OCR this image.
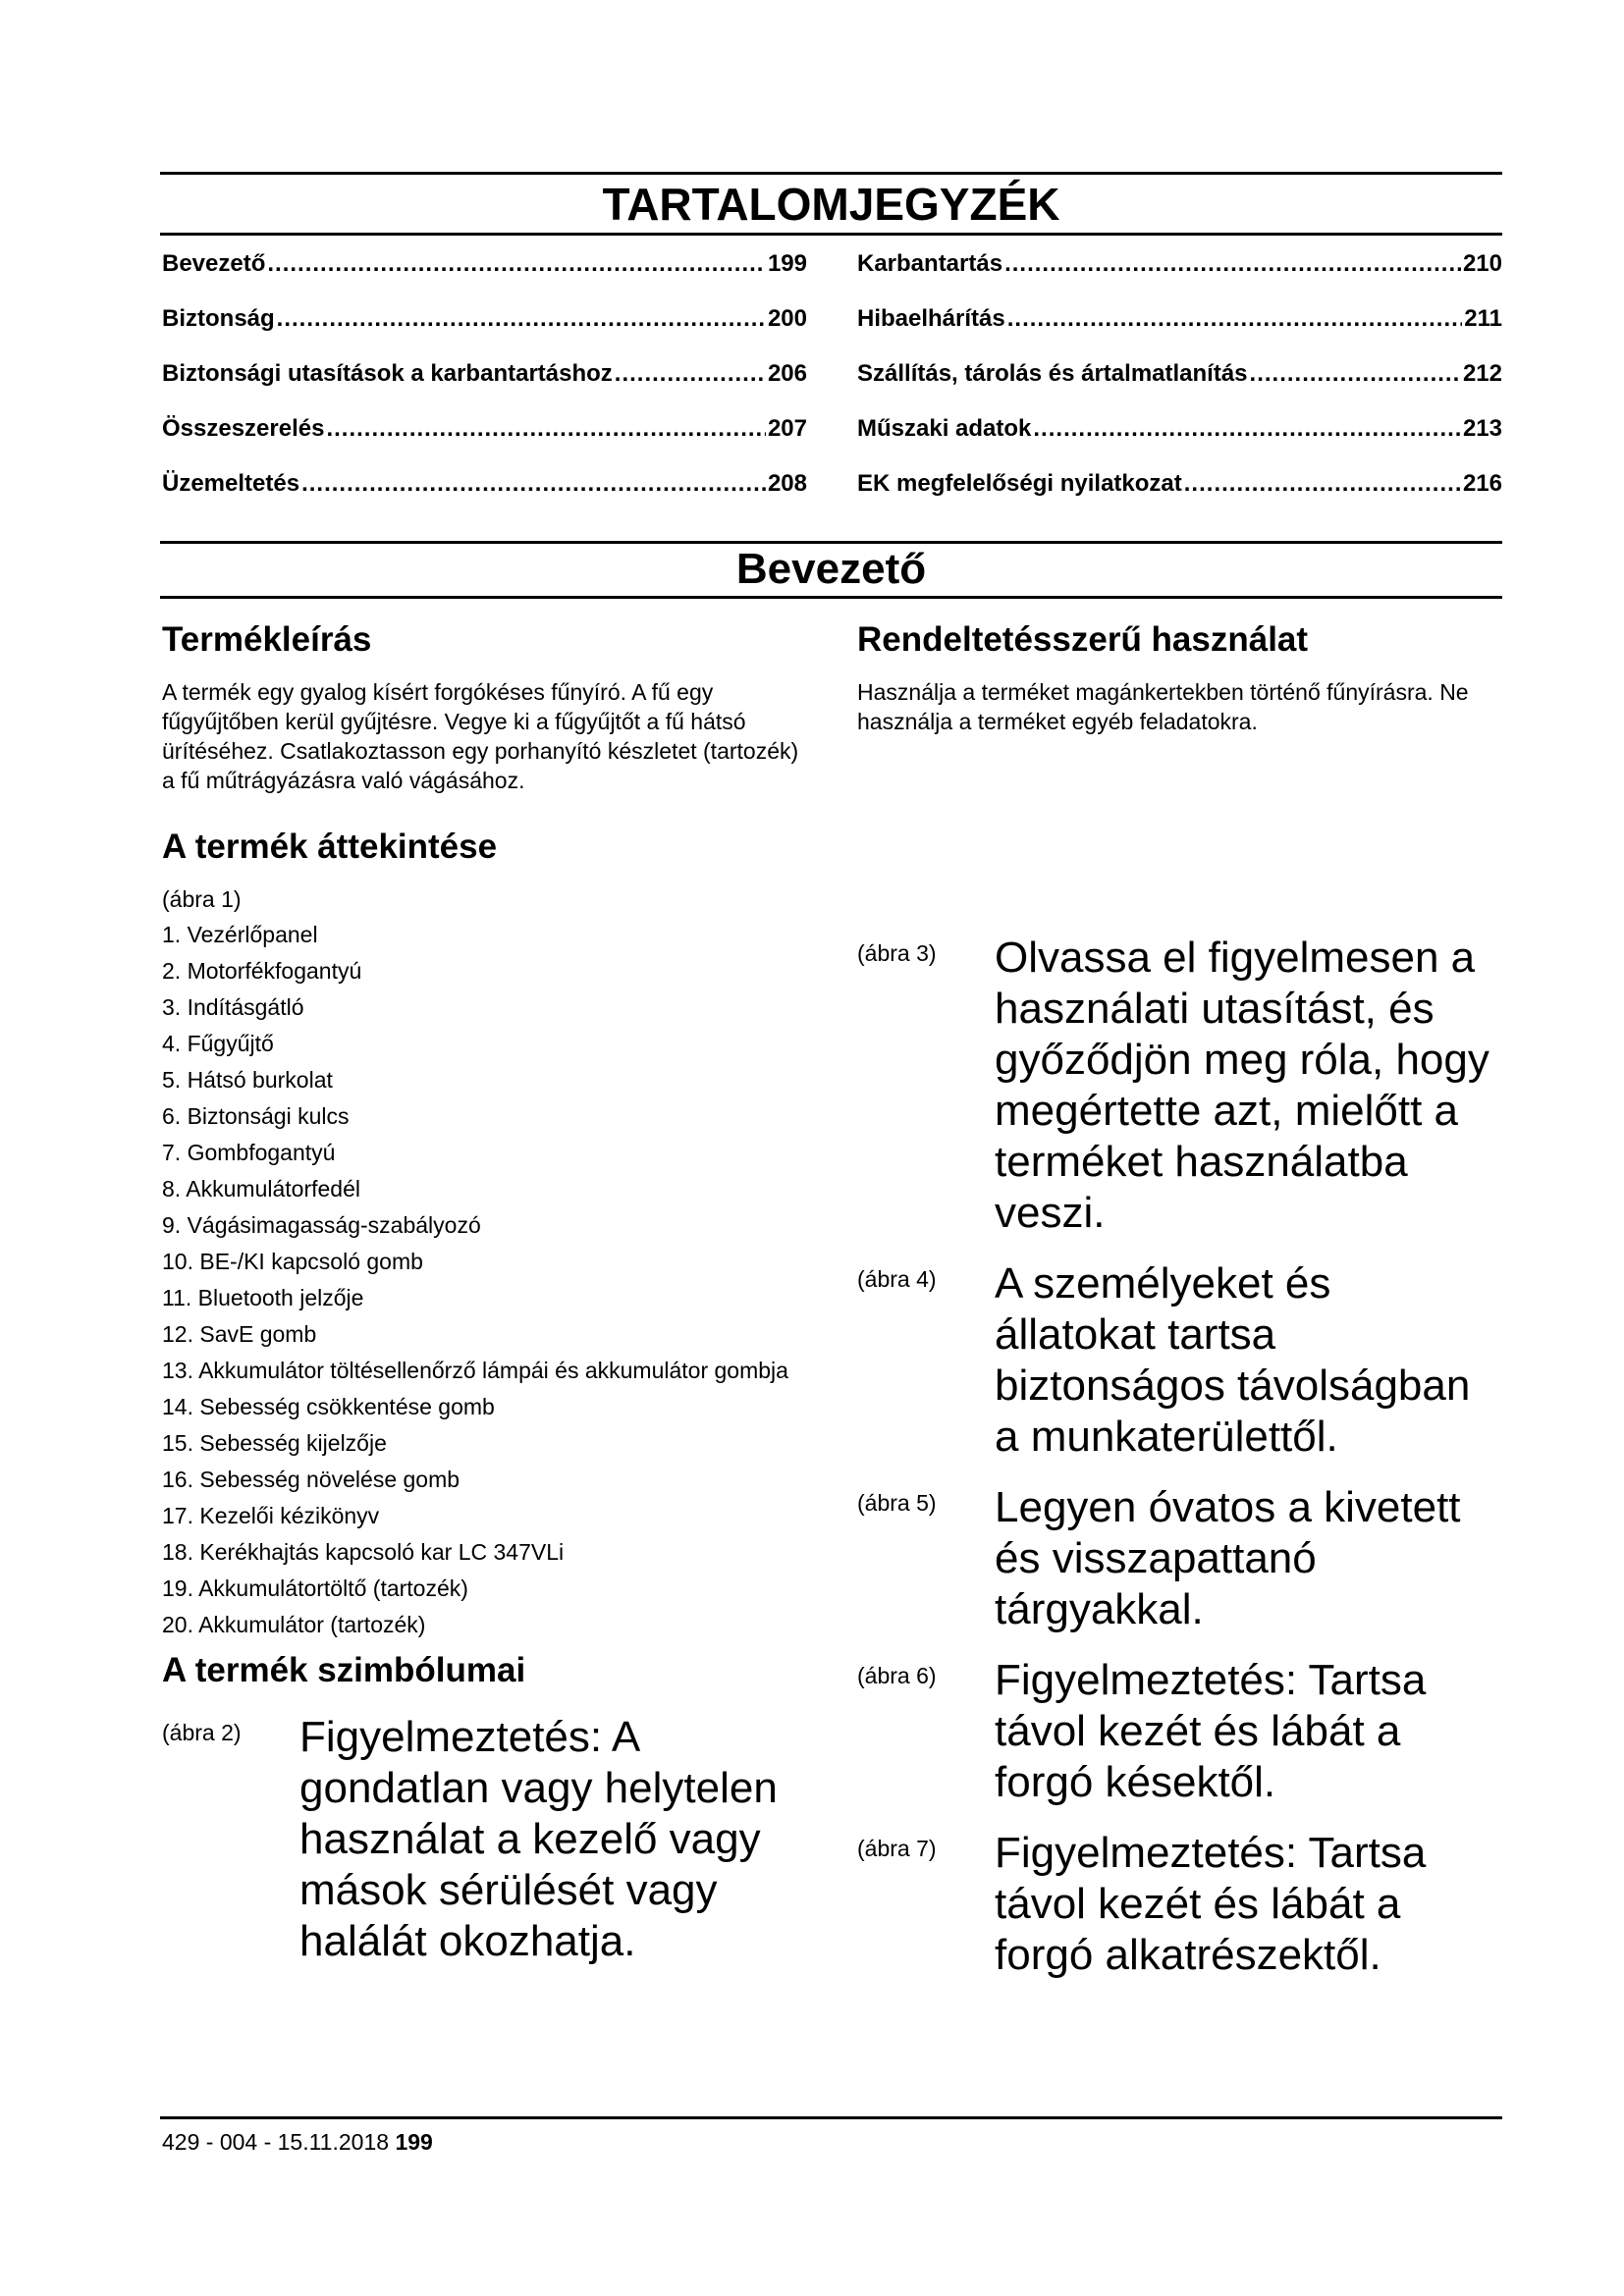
TARTALOMJEGYZÉK
Bevezető .....	199
Biztonság .....	200
Biztonsági utasítások a karbantartáshoz .....	206
Összeszerelés .....	207
Üzemeltetés .....	208
Karbantartás .....	210
Hibaelhárítás .....	211
Szállítás, tárolás és ártalmatlanítás .....	212
Műszaki adatok .....	213
EK megfelelőségi nyilatkozat .....	216
Bevezető
Termékleírás

A termék egy gyalog kísért forgókéses fűnyíró. A fű egy fűgyűjtőben kerül gyűjtésre. Vegye ki a fűgyűjtőt a fű hátsó ürítéséhez. Csatlakoztasson egy porhanyító készletet (tartozék) a fű műtrágyázásra való vágásához.

A termék áttekintése

(ábra 1)

1. Vezérlőpanel
2. Motorfékfogantyú
3. Indításgátló
4. Fűgyűjtő
5. Hátsó burkolat
6. Biztonsági kulcs
7. Gombfogantyú
8. Akkumulátorfedél
9. Vágásimagasság-szabályozó
10. BE-/KI kapcsoló gomb
11. Bluetooth jelzője
12. SavE gomb
13. Akkumulátor töltésellenőrző lámpái és akkumulátor gombja
14. Sebesség csökkentése gomb
15. Sebesség kijelzője
16. Sebesség növelése gomb
17. Kezelői kézikönyv
18. Kerékhajtás kapcsoló kar LC 347VLi
19. Akkumulátortöltő (tartozék)
20. Akkumulátor (tartozék)
A termék szimbólumai
(ábra 2)	Figyelmeztetés: A gondatlan vagy helytelen használat a kezelő vagy mások sérülését vagy halálát okozhatja.
Rendeltetésszerű használat

Használja a terméket magánkertekben történő fűnyírásra. Ne használja a terméket egyéb feladatokra.

(ábra 3)	Olvassa el figyelmesen a használati utasítást, és győződjön meg róla, hogy megértette azt, mielőtt a terméket használatba veszi.
(ábra 4)	A személyeket és állatokat tartsa biztonságos távolságban a munkaterülettől.
(ábra 5)	Legyen óvatos a kivetett és visszapattanó tárgyakkal.
(ábra 6)	Figyelmeztetés: Tartsa távol kezét és lábát a forgó késektől.
(ábra 7)	Figyelmeztetés: Tartsa távol kezét és lábát a forgó alkatrészektől.
429 - 004 - 15.11.2018 199
